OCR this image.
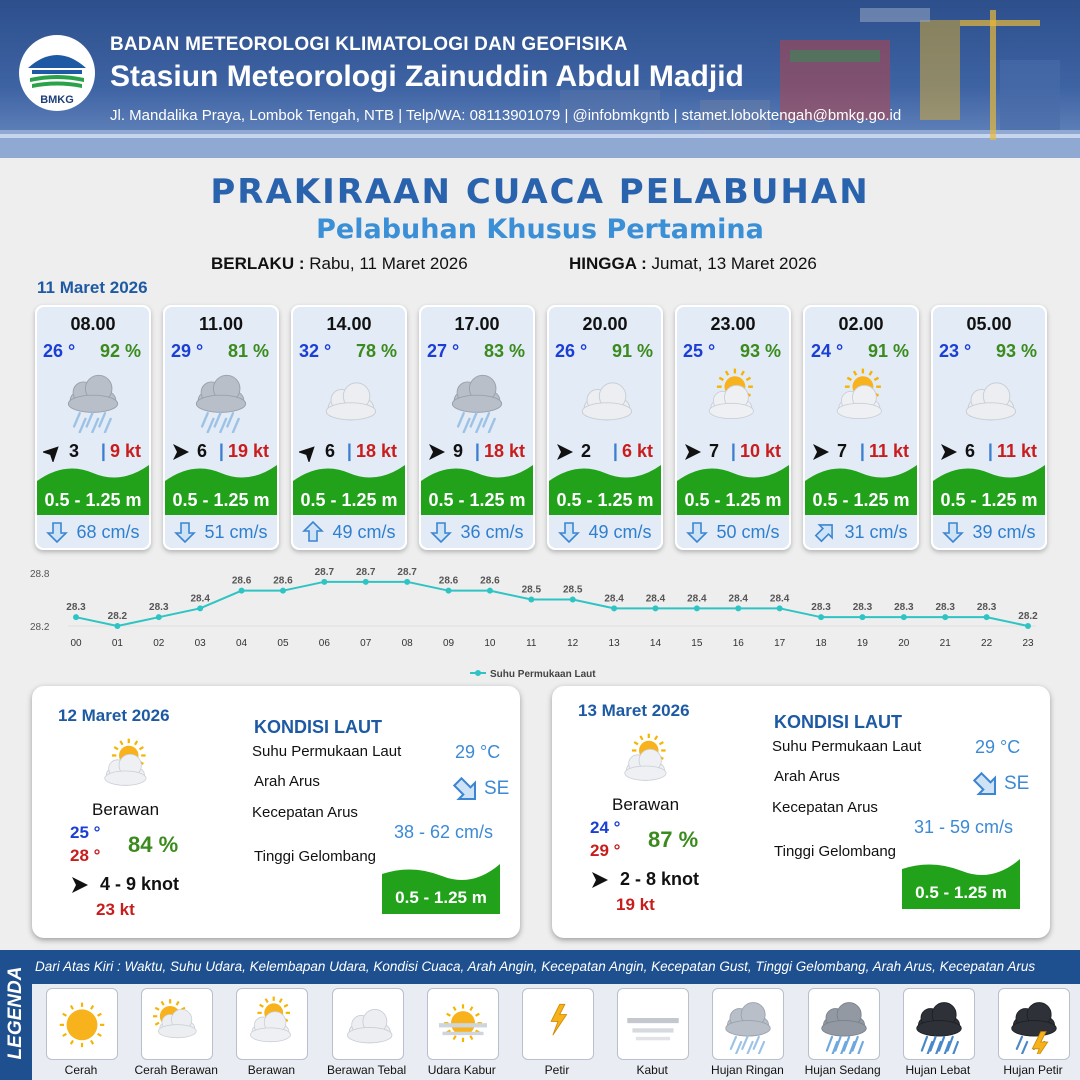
BMKG
BADAN METEOROLOGI KLIMATOLOGI DAN GEOFISIKA
Stasiun Meteorologi Zainuddin Abdul Madjid
Jl. Mandalika Praya, Lombok Tengah, NTB | Telp/WA: 08113901079 | @infobmkgntb | stamet.loboktengah@bmkg.go.id
PRAKIRAAN CUACA PELABUHAN
Pelabuhan Khusus Pertamina
BERLAKU : Rabu, 11 Maret 2026	HINGGA : Jumat, 13 Maret 2026
11 Maret 2026
08.00
26 ° 92 %
3 | 9 kt
0.5 - 1.25 m
68 cm/s
11.00
29 ° 81 %
6 | 19 kt
0.5 - 1.25 m
51 cm/s
14.00
32 ° 78 %
6 | 18 kt
0.5 - 1.25 m
49 cm/s
17.00
27 ° 83 %
9 | 18 kt
0.5 - 1.25 m
36 cm/s
20.00
26 ° 91 %
2 | 6 kt
0.5 - 1.25 m
49 cm/s
23.00
25 ° 93 %
7 | 10 kt
0.5 - 1.25 m
50 cm/s
02.00
24 ° 91 %
7 | 11 kt
0.5 - 1.25 m
31 cm/s
05.00
23 ° 93 %
6 | 11 kt
0.5 - 1.25 m
39 cm/s
28.8
28.2
28.3
00
28.2
01
28.3
02
28.4
03
28.6
04
28.6
05
28.7
06
28.7
07
28.7
08
28.6
09
28.6
10
28.5
11
28.5
12
28.4
13
28.4
14
28.4
15
28.4
16
28.4
17
28.3
18
28.3
19
28.3
20
28.3
21
28.3
22
28.2
23
Suhu Permukaan Laut
12 Maret 2026
Berawan
25 °
28 ° 84 %
4 - 9 knot
23 kt
KONDISI LAUT
Suhu Permukaan Laut	29 °C
Arah Arus	SE
Kecepatan Arus
38 - 62 cm/s
Tinggi Gelombang
0.5 - 1.25 m
13 Maret 2026
Berawan
24 °
29 ° 87 %
2 - 8 knot
19 kt
KONDISI LAUT
Suhu Permukaan Laut	29 °C
Arah Arus	SE
Kecepatan Arus
31 - 59 cm/s
Tinggi Gelombang
0.5 - 1.25 m
LEGENDA
Dari Atas Kiri : Waktu, Suhu Udara, Kelembapan Udara, Kondisi Cuaca, Arah Angin, Kecepatan Angin, Kecepatan Gust, Tinggi Gelombang, Arah Arus, Kecepatan Arus
Cerah	Cerah Berawan	Berawan	Berawan Tebal	Udara Kabur	Petir	Kabut	Hujan Ringan	Hujan Sedang	Hujan Lebat	Hujan Petir
